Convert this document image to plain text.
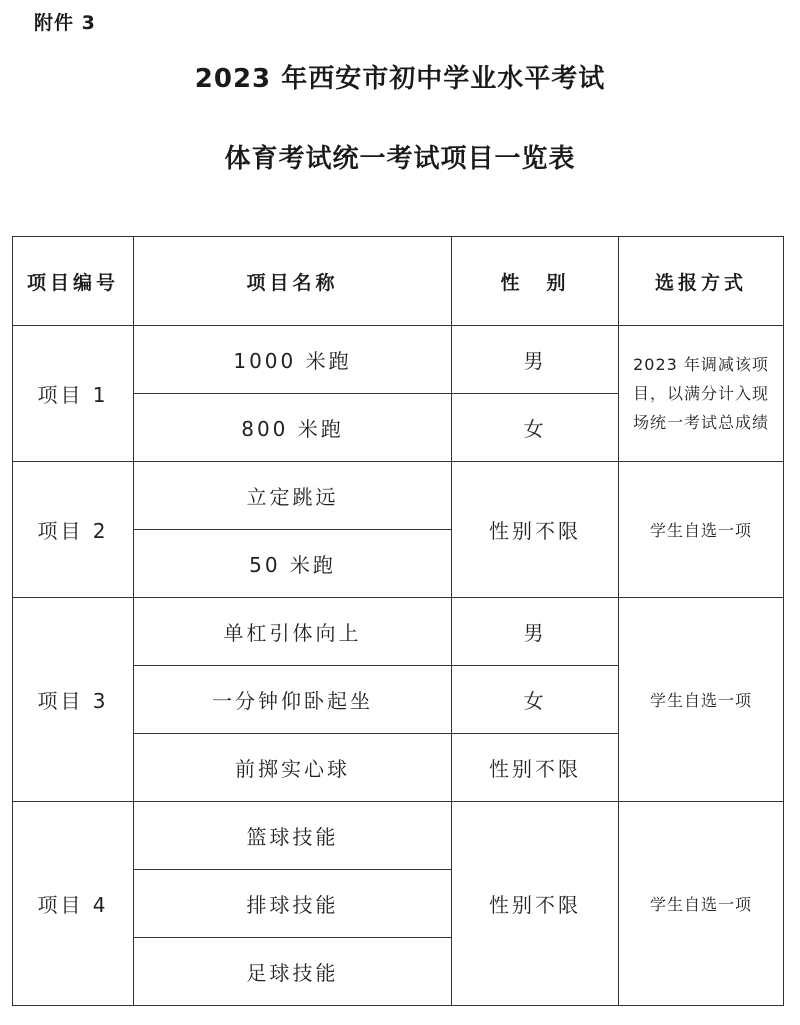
附件 3
2023 年西安市初中学业水平考试
体育考试统一考试项目一览表
项目编号	项目名称	性　别	选报方式
项目 1	1000 米跑	男	2023 年调减该项目，以满分计入现场统一考试总成绩
	800 米跑	女	
项目 2	立定跳远	性别不限	学生自选一项
	50 米跑		
项目 3	单杠引体向上	男	学生自选一项
	一分钟仰卧起坐	女	
	前掷实心球	性别不限	
项目 4	篮球技能	性别不限	学生自选一项
	排球技能		
	足球技能		
